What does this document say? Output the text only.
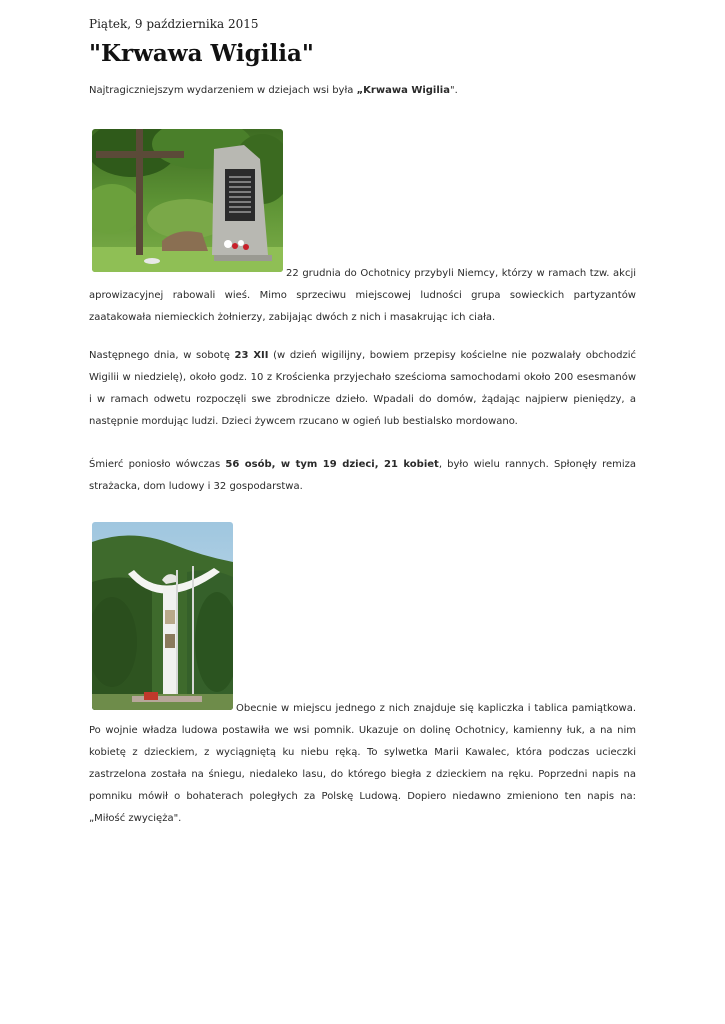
Piątek, 9 października 2015
"Krwawa Wigilia"
Najtragiczniejszym wydarzeniem w dziejach wsi była „Krwawa Wigilia".
22 grudnia do Ochotnicy przybyli Niemcy, którzy w ramach tzw. akcji aprowizacyjnej rabowali wieś. Mimo sprzeciwu miejscowej ludności grupa sowieckich partyzantów zaatakowała niemieckich żołnierzy, zabijając dwóch z nich i masakrując ich ciała.
Następnego dnia, w sobotę 23 XII (w dzień wigilijny, bowiem przepisy kościelne nie pozwalały obchodzić Wigilii w niedzielę), około godz. 10 z Krościenka przyjechało sześcioma samochodami około 200 esesmanów i w ramach odwetu rozpoczęli swe zbrodnicze dzieło. Wpadali do domów, żądając najpierw pieniędzy, a następnie mordując ludzi. Dzieci żywcem rzucano w ogień lub bestialsko mordowano.
Śmierć poniosło wówczas 56 osób, w tym 19 dzieci, 21 kobiet, było wielu rannych. Spłonęły remiza strażacka, dom ludowy i 32 gospodarstwa.
Obecnie w miejscu jednego z nich znajduje się kapliczka i tablica pamiątkowa. Po wojnie władza ludowa postawiła we wsi pomnik. Ukazuje on dolinę Ochotnicy, kamienny łuk, a na nim kobietę z dzieckiem, z wyciągniętą ku niebu ręką. To sylwetka Marii Kawalec, która podczas ucieczki zastrzelona została na śniegu, niedaleko lasu, do którego biegła z dzieckiem na ręku. Poprzedni napis na pomniku mówił o bohaterach poległych za Polskę Ludową. Dopiero niedawno zmieniono ten napis na: „Miłość zwycięża".
